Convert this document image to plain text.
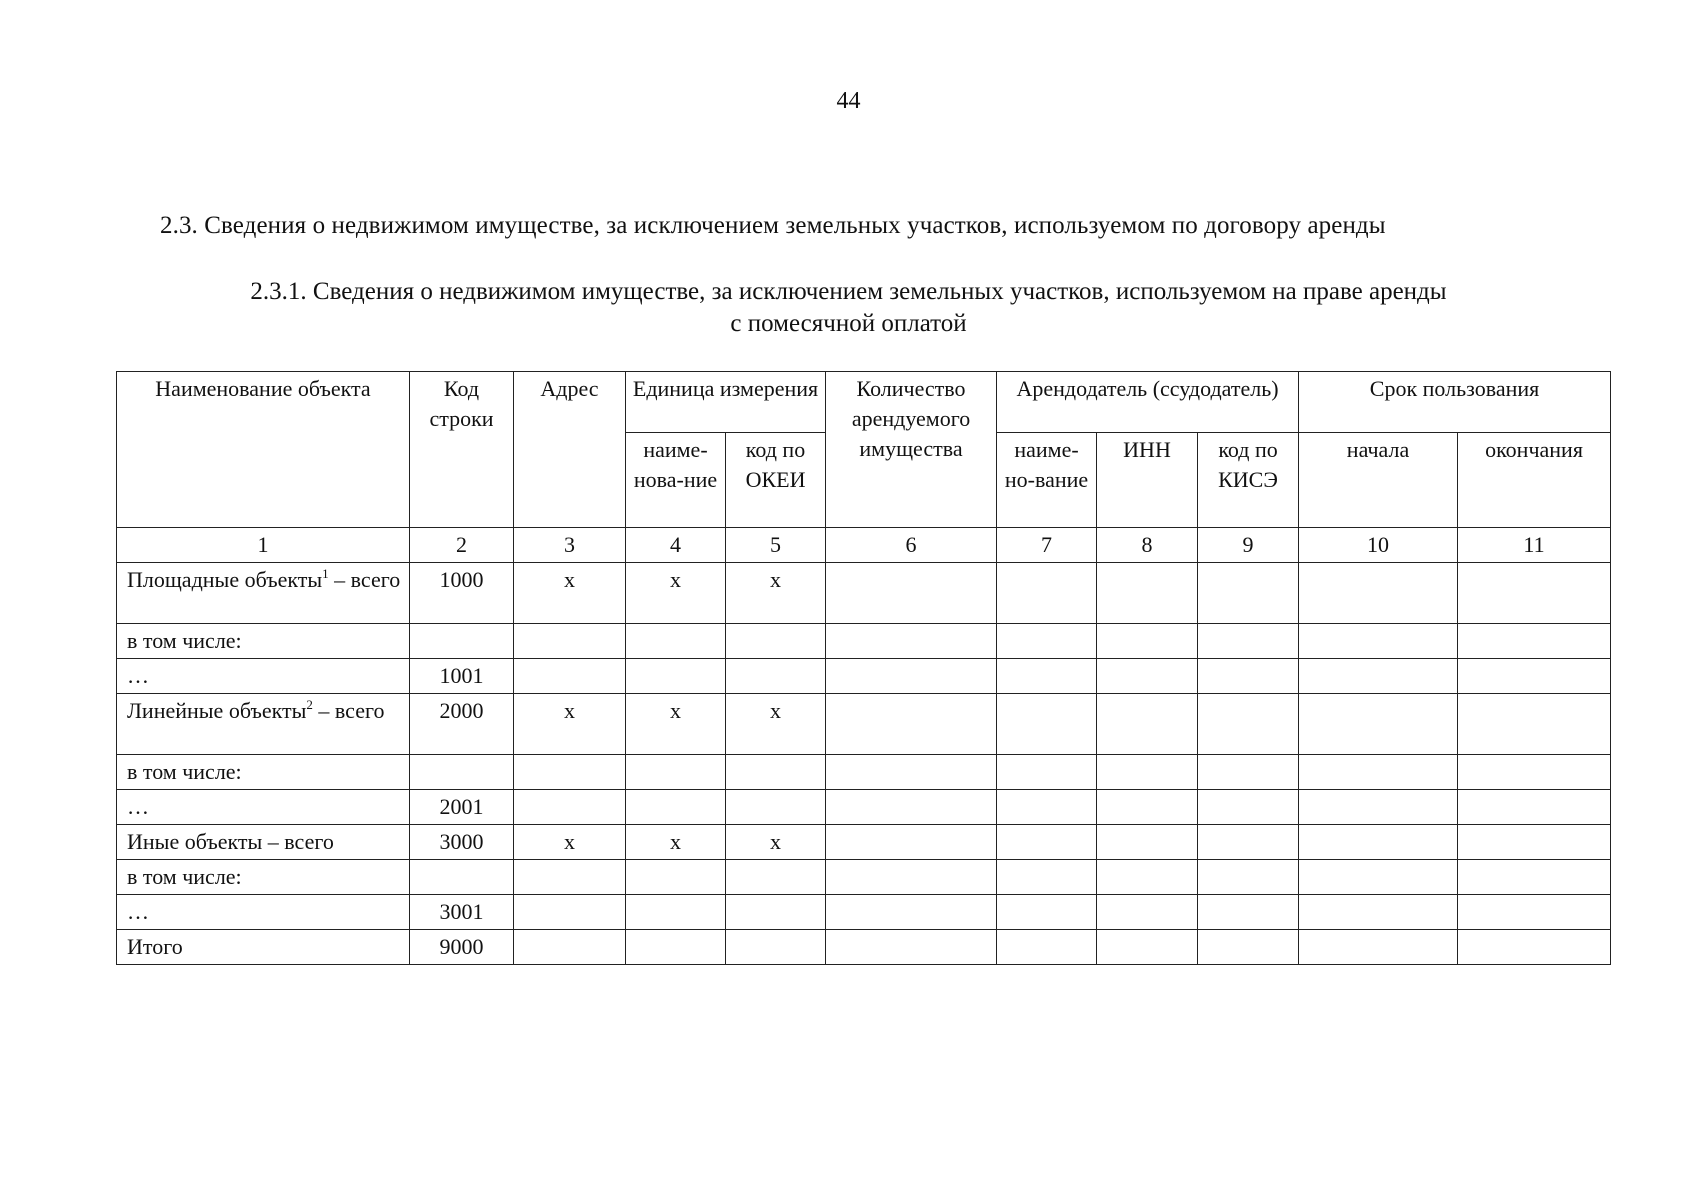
44
2.3. Сведения о недвижимом имуществе, за исключением земельных участков, используемом по договору аренды
2.3.1. Сведения о недвижимом имуществе, за исключением земельных участков, используемом на праве аренды
с помесячной оплатой
Наименование объекта	Код строки	Адрес	Единица измерения		Количество арендуемого имущества	Арендодатель (ссудодатель)			Срок пользования	
			наиме-нова-ние	код по ОКЕИ		наиме-но-вание	ИНН	код по КИСЭ	начала	окончания
1	2	3	4	5	6	7	8	9	10	11
Площадные объекты$^1$ – всего	1000	x	x	x						
в том числе:										
…	1001									
Линейные объекты$^2$ – всего	2000	x	x	x						
в том числе:										
…	2001									
Иные объекты – всего	3000	x	x	x						
в том числе:										
…	3001									
Итого	9000									
